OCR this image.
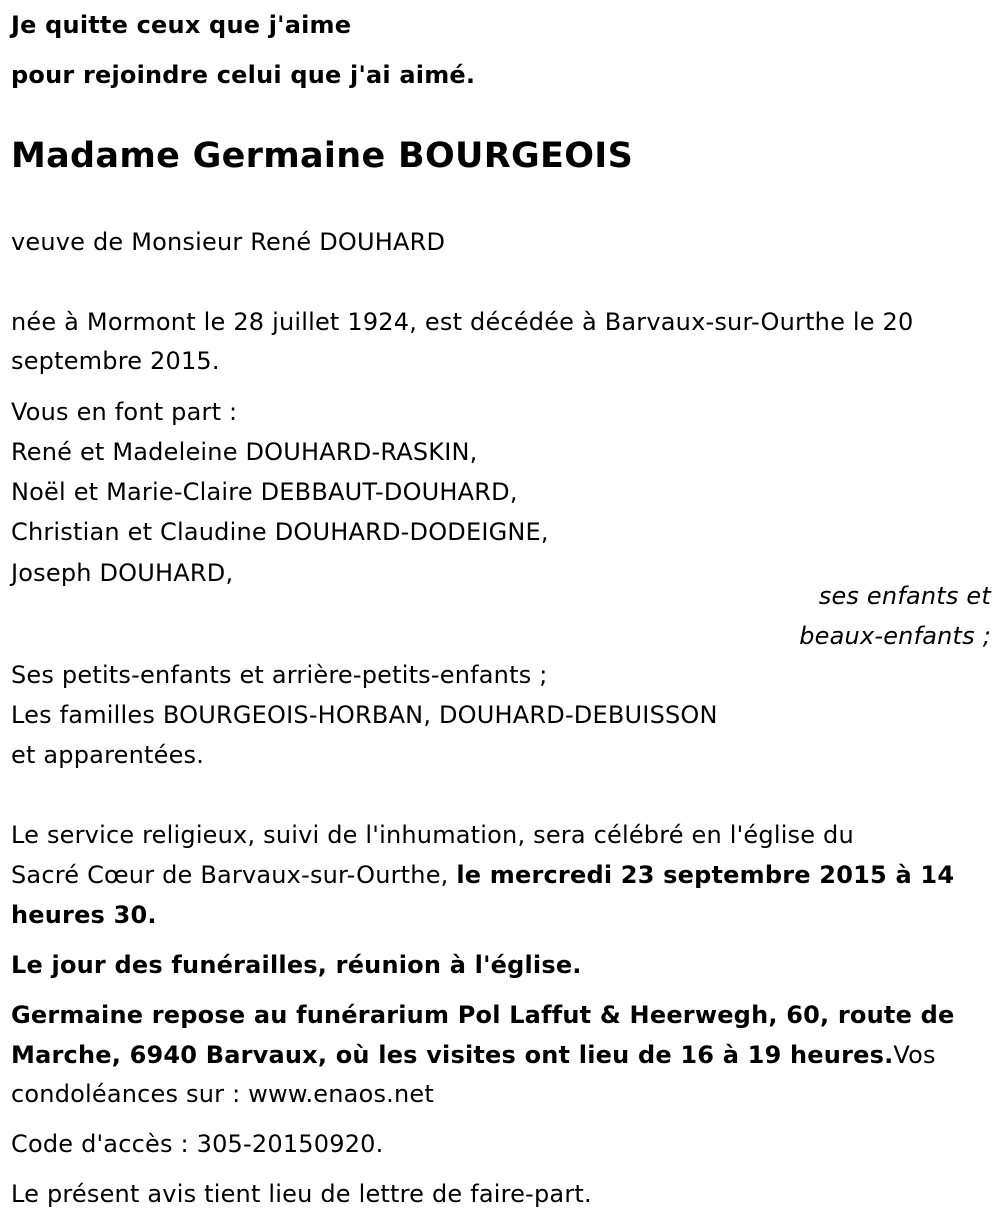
Je quitte ceux que j'aime
pour rejoindre celui que j'ai aimé.
Madame Germaine BOURGEOIS
veuve de Monsieur René DOUHARD
née à Mormont le 28 juillet 1924, est décédée à Barvaux-sur-Ourthe le 20
septembre 2015.
Vous en font part :
René et Madeleine DOUHARD-RASKIN,
Noël et Marie-Claire DEBBAUT-DOUHARD,
Christian et Claudine DOUHARD-DODEIGNE,
Joseph DOUHARD,
ses enfants et
beaux-enfants ;
Ses petits-enfants et arrière-petits-enfants ;
Les familles BOURGEOIS-HORBAN, DOUHARD-DEBUISSON
et apparentées.
Le service religieux, suivi de l'inhumation, sera célébré en l'église du
Sacré Cœur de Barvaux-sur-Ourthe, le mercredi 23 septembre 2015 à 14
heures 30.
Le jour des funérailles, réunion à l'église.
Germaine repose au funérarium Pol Laffut & Heerwegh, 60, route de
Marche, 6940 Barvaux, où les visites ont lieu de 16 à 19 heures.Vos
condoléances sur : www.enaos.net
Code d'accès : 305-20150920.
Le présent avis tient lieu de lettre de faire-part.
